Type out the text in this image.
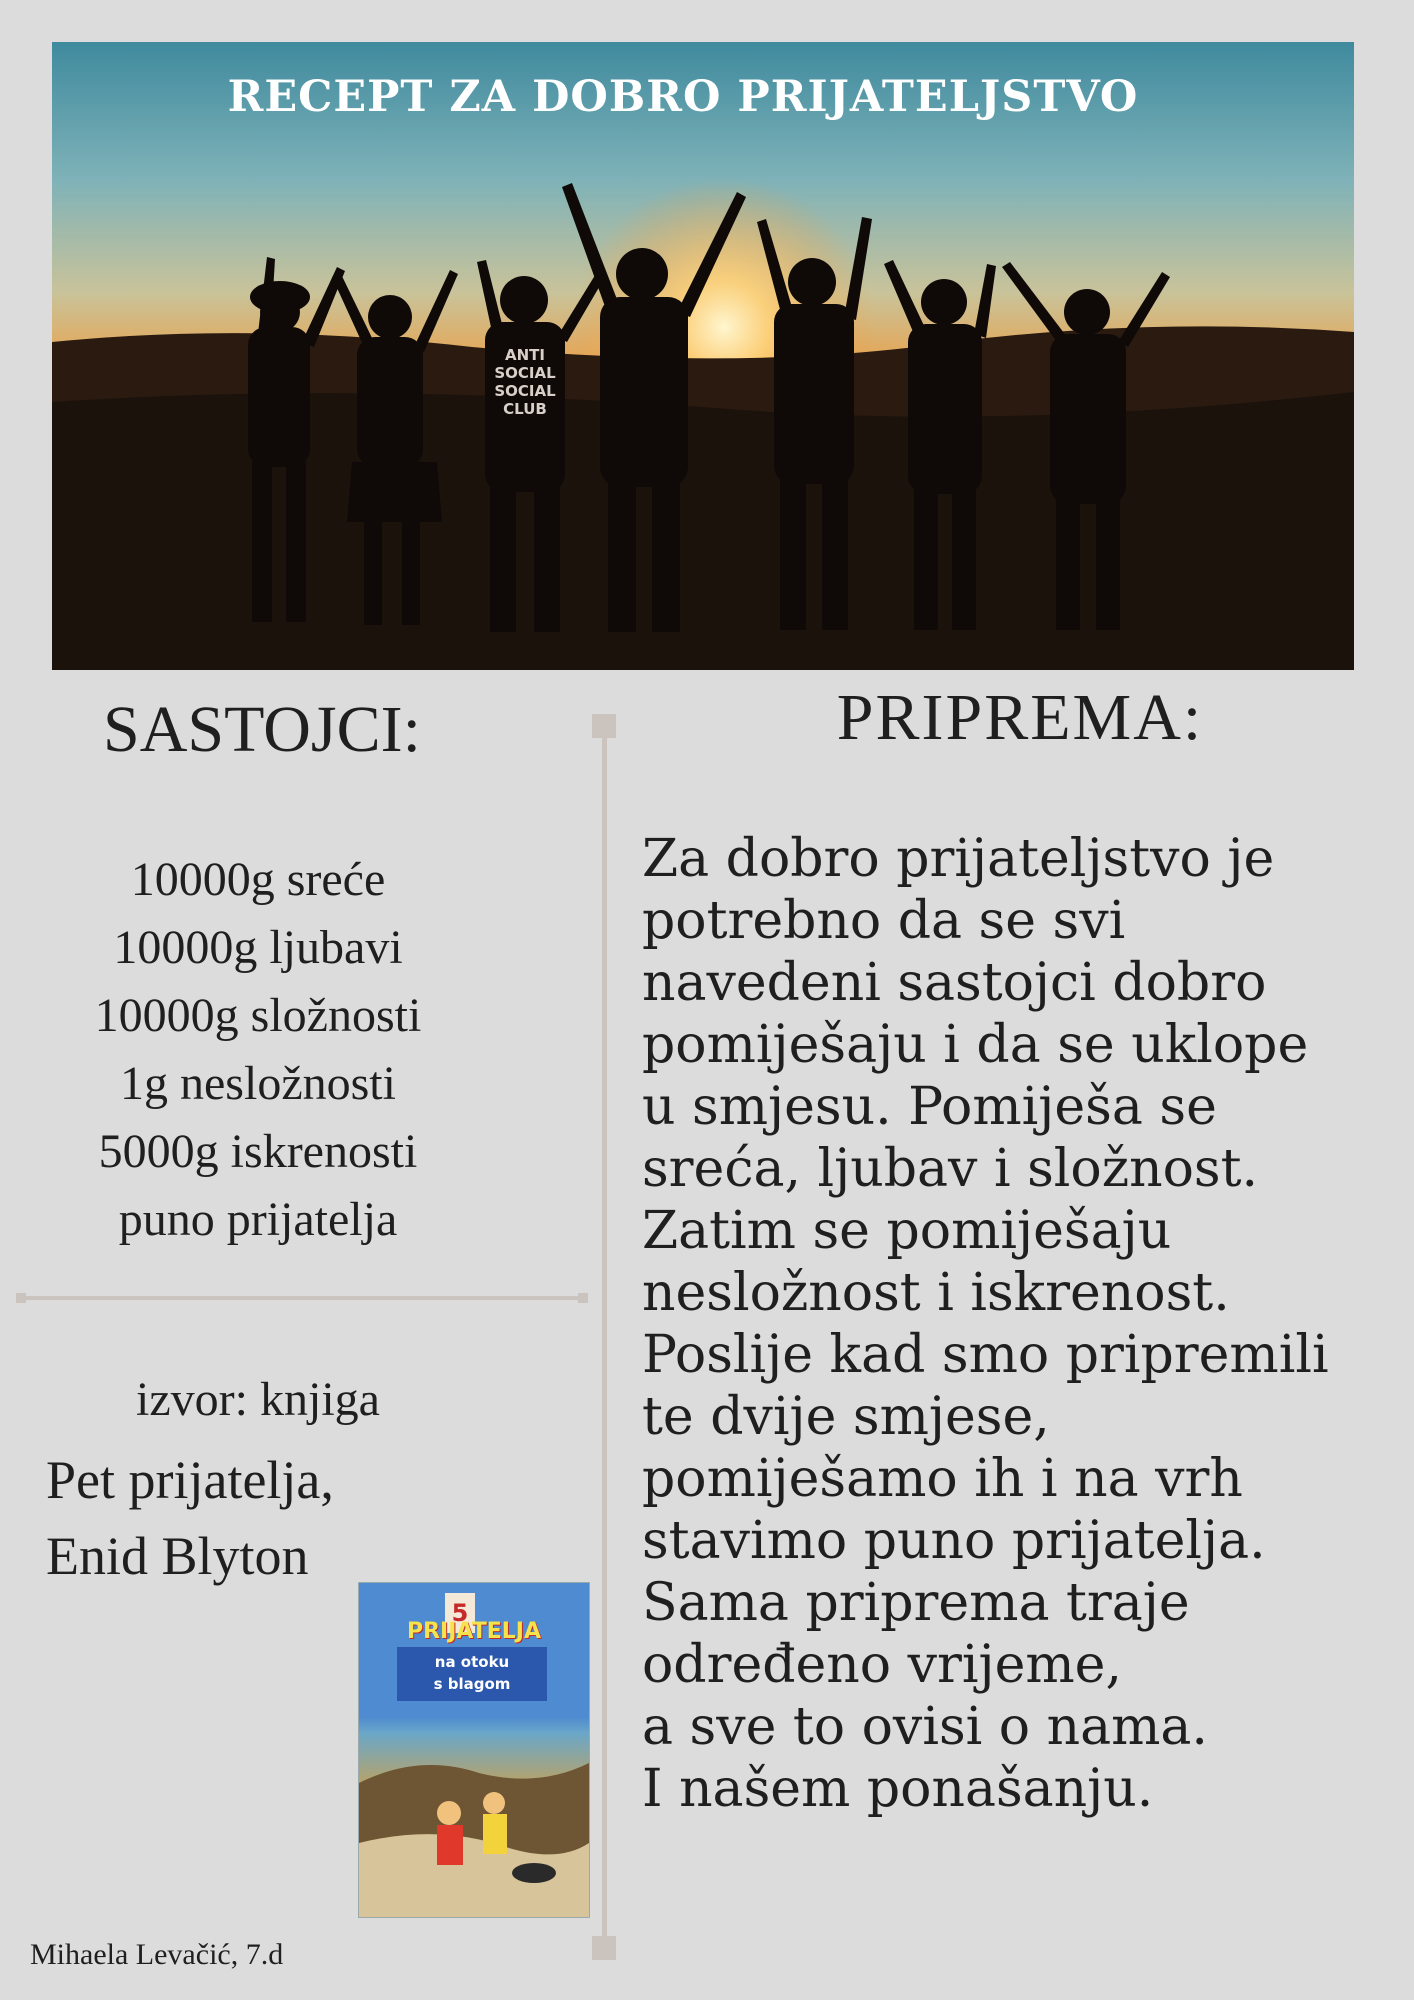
ANTI
SOCIAL
SOCIAL
CLUB
RECEPT ZA DOBRO PRIJATELJSTVO
SASTOJCI:	PRIPREMA:
10000g sreće
10000g ljubavi
10000g složnosti
1g nesložnosti
5000g iskrenosti
puno prijatelja
izvor: knjiga
Pet prijatelja,
Enid Blyton
5
PRIJATELJA
na otoku
s blagom
Za dobro prijateljstvo je
potrebno da se svi
navedeni sastojci dobro
pomiješaju i da se uklope
u smjesu. Pomiješa se
sreća, ljubav i složnost.
Zatim se pomiješaju
nesložnost i iskrenost.
Poslije kad smo pripremili
te dvije smjese,
pomiješamo ih i na vrh
stavimo puno prijatelja.
Sama priprema traje
određeno vrijeme,
a sve to ovisi o nama.
I našem ponašanju.
Mihaela Levačić, 7.d
